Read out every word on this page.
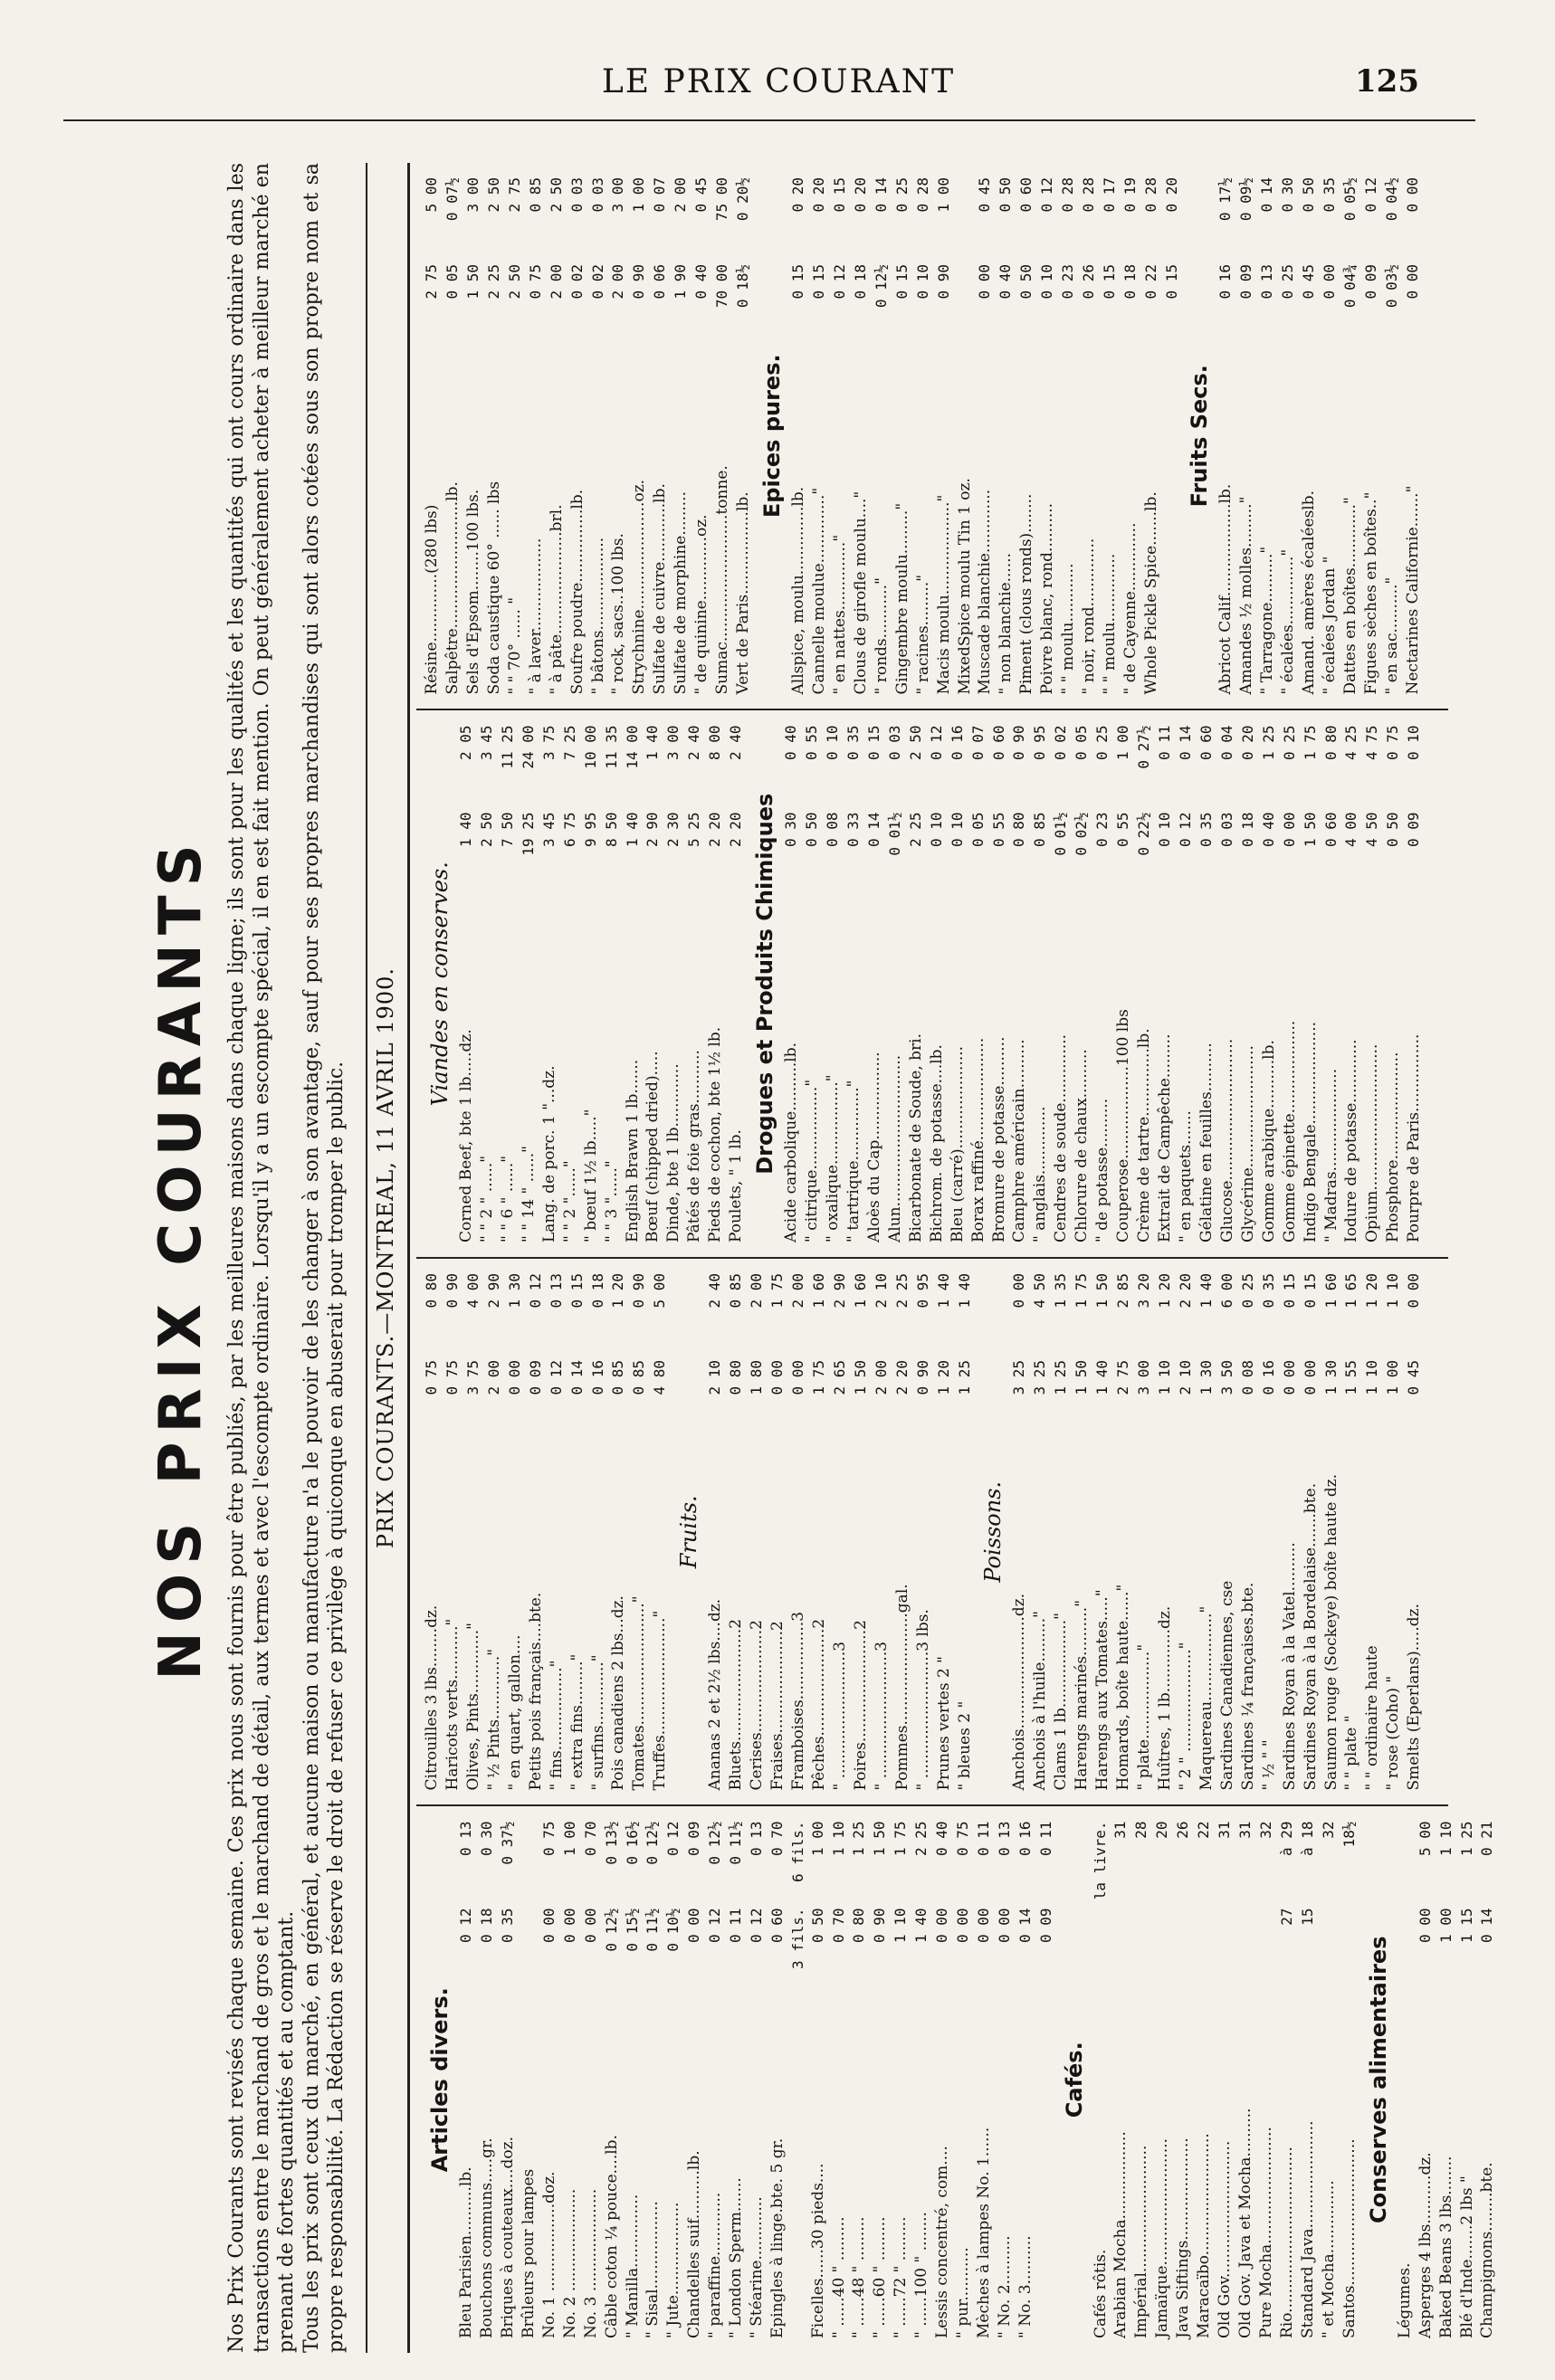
LE PRIX COURANT	125
NOS PRIX COURANTS Nos Prix Courants sont revisés chaque semaine. Ces prix nous sont fournis pour être publiés, par les meilleures maisons dans chaque ligne; ils sont pour les qualités et les quantités qui ont cours ordinaire dans les transactions entre le marchand de gros et le marchand de détail, aux termes et avec l'escompte ordinaire. Lorsqu'il y a un escompte spécial, il en est fait mention. On peut généralement acheter à meilleur marché en prenant de fortes quantités et au comptant. Tous les prix sont ceux du marché, en général, et aucune maison ou manufacture n'a le pouvoir de les changer à son avantage, sauf pour ses propres marchandises qui sont alors cotées sous son propre nom et sa propre responsabilité. La Rédaction se réserve le droit de refuser ce privilège à quiconque en abuserait pour tromper le public. PRIX COURANTS.—MONTREAL, 11 AVRIL 1900.
Articles divers.
Bleu Parisien..........lb.
0 12
0 13
Bouchons communs.....gr.
0 18
0 30
Briques à couteaux....doz.
0 35
0 37½
Brûleurs pour lampes No. 1 ..................doz.
0 00
0 75
No. 2 .....................
0 00
1 00
No. 3 .....................
0 00
0 70
Câble coton ¼ pouce....lb.
0 12½
0 13½
" Manilla...............
0 15½
0 16½
" Sisal..................
0 11½
0 12½
" Jute...................
0 10½
0 12
Chandelles suif..........lb.
0 00
0 09
" paraffine.............
0 12
0 12½
" London Sperm.......
0 11
0 11½
" Stéarine.............
0 12
0 13
Epingles à linge.bte. 5 gr.
0 60
0 70
3 fils.
6 fils.
Ficelles......30 pieds....
0 50
1 00
" ......40 " .........
0 70
1 10
" ......48 " .........
0 80
1 25
" ......60 " .........
0 90
1 50
" ......72 " .........
1 10
1 75
" ......100 " ........
1 40
2 25
Lessis concentré, com....
0 00
0 40
" pur...........
0 00
0 75
Mèches à lampes No. 1......
0 00
0 11
" No. 2..........
0 00
0 13
" No. 3..........
0 14
0 16
0 09
0 11
Cafés.
Cafés rôtis.
la livre.
Arabian Mocha..................
31
Impérial..........................
28
Jamaïque..........................
20
Java Siftings.....................
26
Maracaïbo.........................
22
Old Gov............................
31
Old Gov. Java et Mocha..........
31
Pure Mocha........................
32
Rio..................................
27
à 29
Standard Java......................
15
à 18
" et Mocha...............
32
Santos..............................
18½
Conserves alimentaires
Légumes. Asperges 4 lbs..........dz.
0 00
5 00
Baked Beans 3 lbs........
1 00
1 10
Blé d'Inde.......2 lbs "
1 15
1 25
Champignons........bte.
0 14
0 21
Citrouilles 3 lbs........dz.
0 75
0 80
Haricots verts..........."
0 75
0 90
Olives, Pints............."
3 75
4 00
" ½ Pints............."
2 00
2 90
" en quart, gallon....
0 00
1 30
Petits pois français....bte.
0 09
0 12
" fins................."
0 12
0 13
" extra fins........."
0 14
0 15
" surfins............."
0 16
0 18
Pois canadiens 2 lbs...dz.
0 85
1 20
Tomates........................."
0 85
0 90
Truffes........................"
4 80
5 00
Fruits.
Ananas 2 et 2½ lbs....dz.
2 10
2 40
Bluets.......................2
0 80
0 85
Cerises.....................2
1 80
2 00
Fraises.....................2
0 00
1 75
Framboises................3
0 00
2 00
Pêches......................2
1 75
1 60
" ..........................3
2 65
2 90
Poires.......................2
1 50
1 60
" ..........................3
2 00
2 10
Pommes.......................gal.
2 20
2 25
" ..........................3 lbs.
0 90
0 95
Prunes vertes 2 "
1 20
1 40
" bleues 2 "
1 25
1 40
Poissons.
Anchois.......................dz.
3 25
0 00
Anchois à l'huile........."
3 25
4 50
Clams 1 lb.................."
1 25
1 35
Harengs marinés.........."
1 50
1 75
Harengs aux Tomates....."
1 40
1 50
Homards, boîte haute......"
2 75
2 85
" plate.................."
3 00
3 20
Huîtres, 1 lb.............dz.
1 10
1 20
" 2 " ....................."
2 10
2 20
Maquereau.................."
1 30
1 40
Sardines Canadiennes, cse
3 50
6 00
Sardines ¼ françaises.bte.
0 08
0 25
" ½ " "
0 16
0 35
Sardines Royan à la Vatel..........
0 00
0 15
Sardines Royan à la Bordelaise.......bte.
0 00
0 15
Saumon rouge (Sockeye) boîte haute dz.
1 30
1 60
" " plate "
1 55
1 65
" " ordinaire haute
1 10
1 20
" rose (Coho) "
1 00
1 10
Smelts (Eperlans).....dz.
0 45
0 00
Viandes en conserves.
Corned Beef, bte 1 lb.....dz.
1 40
2 05
" " 2 " ......"
2 50
3 45
" " 6 " ......"
7 50
11 25
" " 14 " ......"
19 25
24 00
Lang. de porc. 1 "...dz.
3 45
3 75
" " 2 "......"
6 75
7 25
" bœuf 1½ lb....."
9 95
10 00
" " 3 "......"
8 50
11 35
English Brawn 1 lb.......
1 40
14 00
Bœuf (chipped dried).....
2 90
1 40
Dinde, bte 1 lb.............
2 30
3 00
Pâtés de foie gras...........
5 25
2 40
Pieds de cochon, bte 1½ lb.
2 20
8 00
Poulets, " 1 lb.
2 20
2 40
Drogues et Produits Chimiques Acide carbolique..........lb.
0 30
0 40
" citrique................."
0 50
0 55
" oxalique................."
0 08
0 10
" tartrique..............."
0 33
0 35
Aloès du Cap..................
0 14
0 15
Alun...............................
0 01½
0 03
Bicarbonate de Soude, bri.
2 25
2 50
Bichrom. de potasse....lb.
0 10
0 12
Bleu (carré).....................
0 10
0 16
Borax raffiné.....................
0 05
0 07
Bromure de potasse..........
0 55
0 60
Camphre américain..........
0 80
0 90
" anglais..............
0 85
0 95
Cendres de soude..............
0 01½
0 02
Chlorure de chaux..........
0 02½
0 05
" de potasse..........
0 23
0 25
Couperose...................100 lbs
0 55
1 00
Crème de tartre..............lb.
0 22½
0 27½
Extrait de Campêche.........
0 10
0 11
" en paquets.......
0 12
0 14
Gélatine en feuilles..........
0 35
0 60
Glucose.............................
0 03
0 04
Glycérine.........................
0 18
0 20
Gomme arabique..........lb.
0 40
1 25
Gomme épinette...................
0 00
0 25
Indigo Bengale.....................
1 50
1 75
" Madras.....................
0 60
0 80
Iodure de potasse.............
4 00
4 25
Opium..............................
4 50
4 75
Phosphore......................
0 50
0 75
Pourpre de Paris................
0 09
0 10
Résine..............(280 lbs)
2 75
5 00
Salpêtre..........................lb.
0 05
0 07½
Sels d'Epsom........100 lbs.
1 50
3 00
Soda caustique 60° ...... lbs
2 25
2 50
" " 70° ...... "
2 50
2 75
" à laver...................
0 75
0 85
" à pâte.....................brl.
2 00
2 50
Soufre poudre...............lb.
0 02
0 03
" bâtons...................
0 02
0 03
" rock, sacs..100 lbs.
2 00
3 00
Strychnine......................oz.
0 90
1 00
Sulfate de cuivre............lb.
0 06
0 07
Sulfate de morphine.........
1 90
2 00
" de quinine.............oz.
0 40
0 45
Sumac..........................tonne.
70 00
75 00
Vert de Paris.................lb.
0 18½
0 20½
Epices pures.
Allspice, moulu..............lb.
0 15
0 20
Cannelle moulue.............."
0 15
0 20
" en nattes.............."
0 12
0 15
Clous de girofle moulu...."
0 18
0 20
" ronds..........."
0 12½
0 14
Gingembre moulu........."
0 15
0 25
" racines........."
0 10
0 28
Macis moulu..................."
0 90
1 00
MixedSpice moulu Tin 1 oz. Muscade blanchie.............
0 00
0 45
" non blanchie......
0 40
0 50
Piment (clous ronds)........
0 50
0 60
Poivre blanc, rond..........
0 10
0 12
" " moulu............
0 23
0 28
" noir, rond..............
0 26
0 28
" " moulu..............
0 15
0 17
" de Cayenne..............
0 18
0 19
Whole Pickle Spice.......lb.
0 22
0 28
0 15
0 20
Fruits Secs.
Abricot Calif...................lb.
0 16
0 17½
Amandes ½ molles........."
0 09
0 09½
" Tarragone.........."
0 13
0 14
" écalées.............."
0 25
0 30
Amand. amères écaléeslb.
0 45
0 50
" écalées Jordan "
0 00
0 35
Dattes en boîtes............."
0 04¾
0 05½
Figues sèches en boîtes.."
0 09
0 12
" en sac.........."
0 03½
0 04½
Nectarines Californie......."
0 00
0 00
